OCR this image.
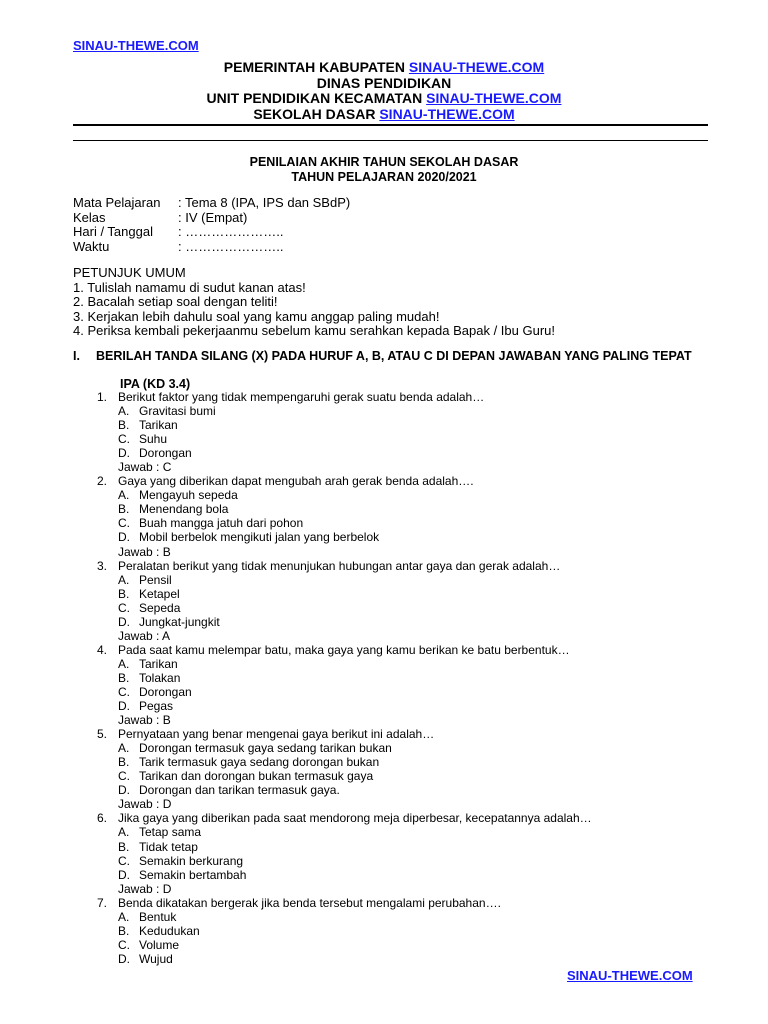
SINAU-THEWE.COM
PEMERINTAH KABUPATEN SINAU-THEWE.COM
DINAS PENDIDIKAN
UNIT PENDIDIKAN KECAMATAN SINAU-THEWE.COM
SEKOLAH DASAR SINAU-THEWE.COM
PENILAIAN AKHIR TAHUN SEKOLAH DASAR
TAHUN PELAJARAN 2020/2021
Mata Pelajaran	: Tema 8 (IPA, IPS dan SBdP)
Kelas	: IV (Empat)
Hari / Tanggal	: …………………..
Waktu	: …………………..
PETUNJUK UMUM
1. Tulislah namamu di sudut kanan atas!
2. Bacalah setiap soal dengan teliti!
3. Kerjakan lebih dahulu soal yang kamu anggap paling mudah!
4. Periksa kembali pekerjaanmu sebelum kamu serahkan kepada Bapak / Ibu Guru!
I. BERILAH TANDA SILANG (X) PADA HURUF A, B, ATAU C DI DEPAN JAWABAN YANG PALING TEPAT
IPA (KD 3.4)
1. Berikut faktor yang tidak mempengaruhi gerak suatu benda adalah…
A. Gravitasi bumi
B. Tarikan
C. Suhu
D. Dorongan
Jawab : C
2. Gaya yang diberikan dapat mengubah arah gerak benda adalah….
A. Mengayuh sepeda
B. Menendang bola
C. Buah mangga jatuh dari pohon
D. Mobil berbelok mengikuti jalan yang berbelok
Jawab : B
3. Peralatan berikut yang tidak menunjukan hubungan antar gaya dan gerak adalah…
A. Pensil
B. Ketapel
C. Sepeda
D. Jungkat-jungkit
Jawab : A
4. Pada saat kamu melempar batu, maka gaya yang kamu berikan ke batu berbentuk…
A. Tarikan
B. Tolakan
C. Dorongan
D. Pegas
Jawab : B
5. Pernyataan yang benar mengenai gaya berikut ini adalah…
A. Dorongan termasuk gaya sedang tarikan bukan
B. Tarik termasuk gaya sedang dorongan bukan
C. Tarikan dan dorongan bukan termasuk gaya
D. Dorongan dan tarikan termasuk gaya.
Jawab : D
6. Jika gaya yang diberikan pada saat mendorong meja diperbesar, kecepatannya adalah…
A. Tetap sama
B. Tidak tetap
C. Semakin berkurang
D. Semakin bertambah
Jawab : D
7. Benda dikatakan bergerak jika benda tersebut mengalami perubahan….
A. Bentuk
B. Kedudukan
C. Volume
D. Wujud
SINAU-THEWE.COM
